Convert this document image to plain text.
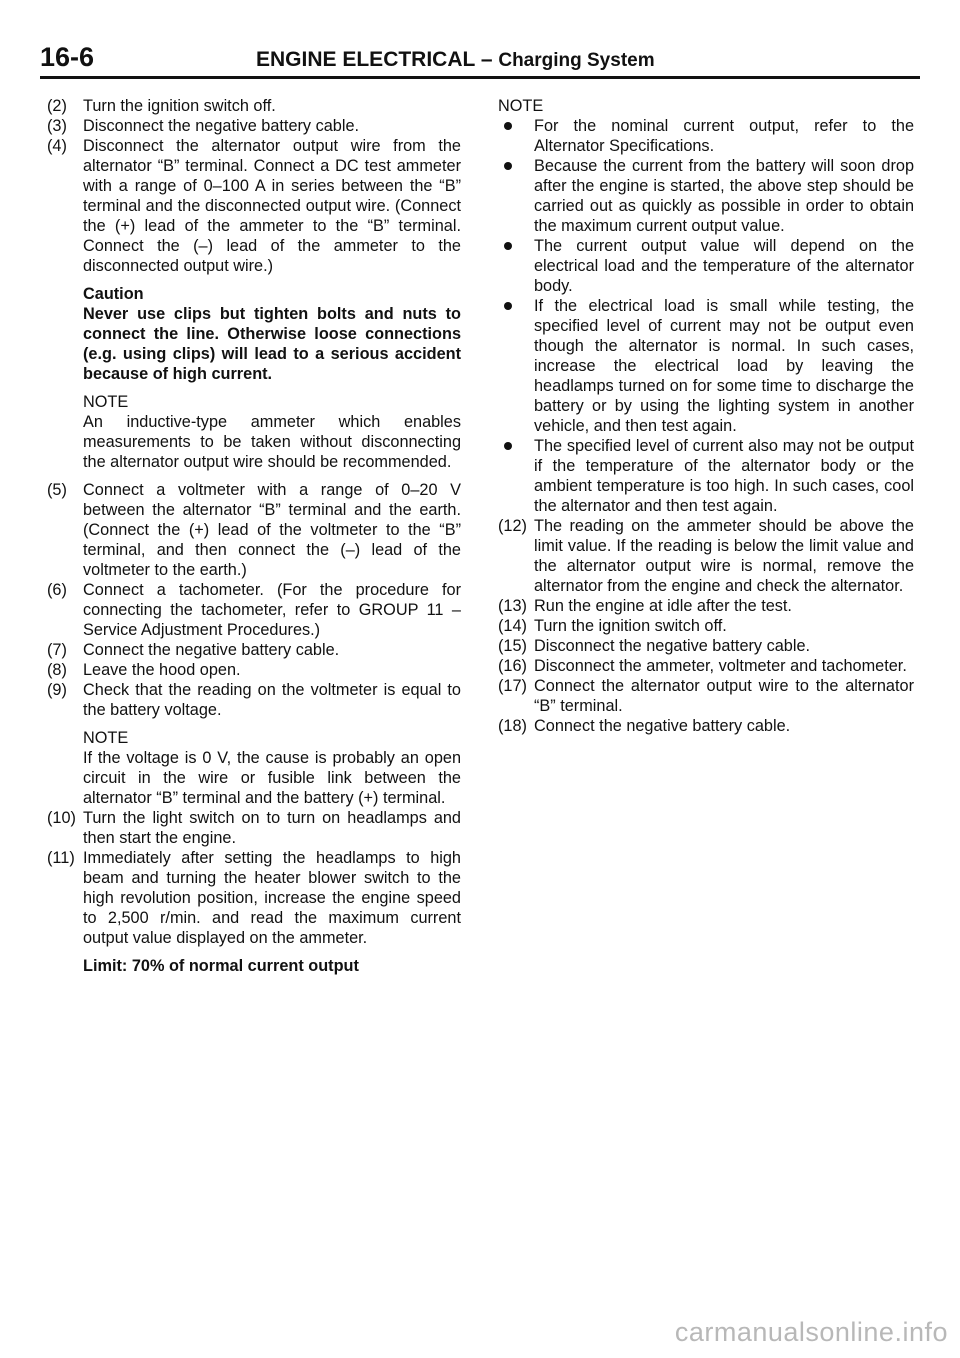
16-6	ENGINE ELECTRICAL – Charging System
(2) Turn the ignition switch off.
(3) Disconnect the negative battery cable.
(4) Disconnect the alternator output wire from the alternator “B” terminal. Connect a DC test ammeter with a range of 0–100 A in series between the “B” terminal and the disconnected output wire. (Connect the (+) lead of the ammeter to the “B” terminal. Connect the (–) lead of the ammeter to the disconnected output wire.)
Caution
Never use clips but tighten bolts and nuts to connect the line. Otherwise loose connections (e.g. using clips) will lead to a serious accident because of high current.
NOTE
An inductive-type ammeter which enables measurements to be taken without disconnecting the alternator output wire should be recommended.
(5) Connect a voltmeter with a range of 0–20 V between the alternator “B” terminal and the earth. (Connect the (+) lead of the voltmeter to the “B” terminal, and then connect the (–) lead of the voltmeter to the earth.)
(6) Connect a tachometer. (For the procedure for connecting the tachometer, refer to GROUP 11 – Service Adjustment Procedures.)
(7) Connect the negative battery cable.
(8) Leave the hood open.
(9) Check that the reading on the voltmeter is equal to the battery voltage.
NOTE
If the voltage is 0 V, the cause is probably an open circuit in the wire or fusible link between the alternator “B” terminal and the battery (+) terminal.
(10) Turn the light switch on to turn on headlamps and then start the engine.
(11) Immediately after setting the headlamps to high beam and turning the heater blower switch to the high revolution position, increase the engine speed to 2,500 r/min. and read the maximum current output value displayed on the ammeter.
Limit: 70% of normal current output
NOTE
For the nominal current output, refer to the Alternator Specifications.
Because the current from the battery will soon drop after the engine is started, the above step should be carried out as quickly as possible in order to obtain the maximum current output value.
The current output value will depend on the electrical load and the temperature of the alternator body.
If the electrical load is small while testing, the specified level of current may not be output even though the alternator is normal. In such cases, increase the electrical load by leaving the headlamps turned on for some time to discharge the battery or by using the lighting system in another vehicle, and then test again.
The specified level of current also may not be output if the temperature of the alternator body or the ambient temperature is too high. In such cases, cool the alternator and then test again.
(12) The reading on the ammeter should be above the limit value. If the reading is below the limit value and the alternator output wire is normal, remove the alternator from the engine and check the alternator.
(13) Run the engine at idle after the test.
(14) Turn the ignition switch off.
(15) Disconnect the negative battery cable.
(16) Disconnect the ammeter, voltmeter and tachometer.
(17) Connect the alternator output wire to the alternator “B” terminal.
(18) Connect the negative battery cable.
carmanualsonline.info
